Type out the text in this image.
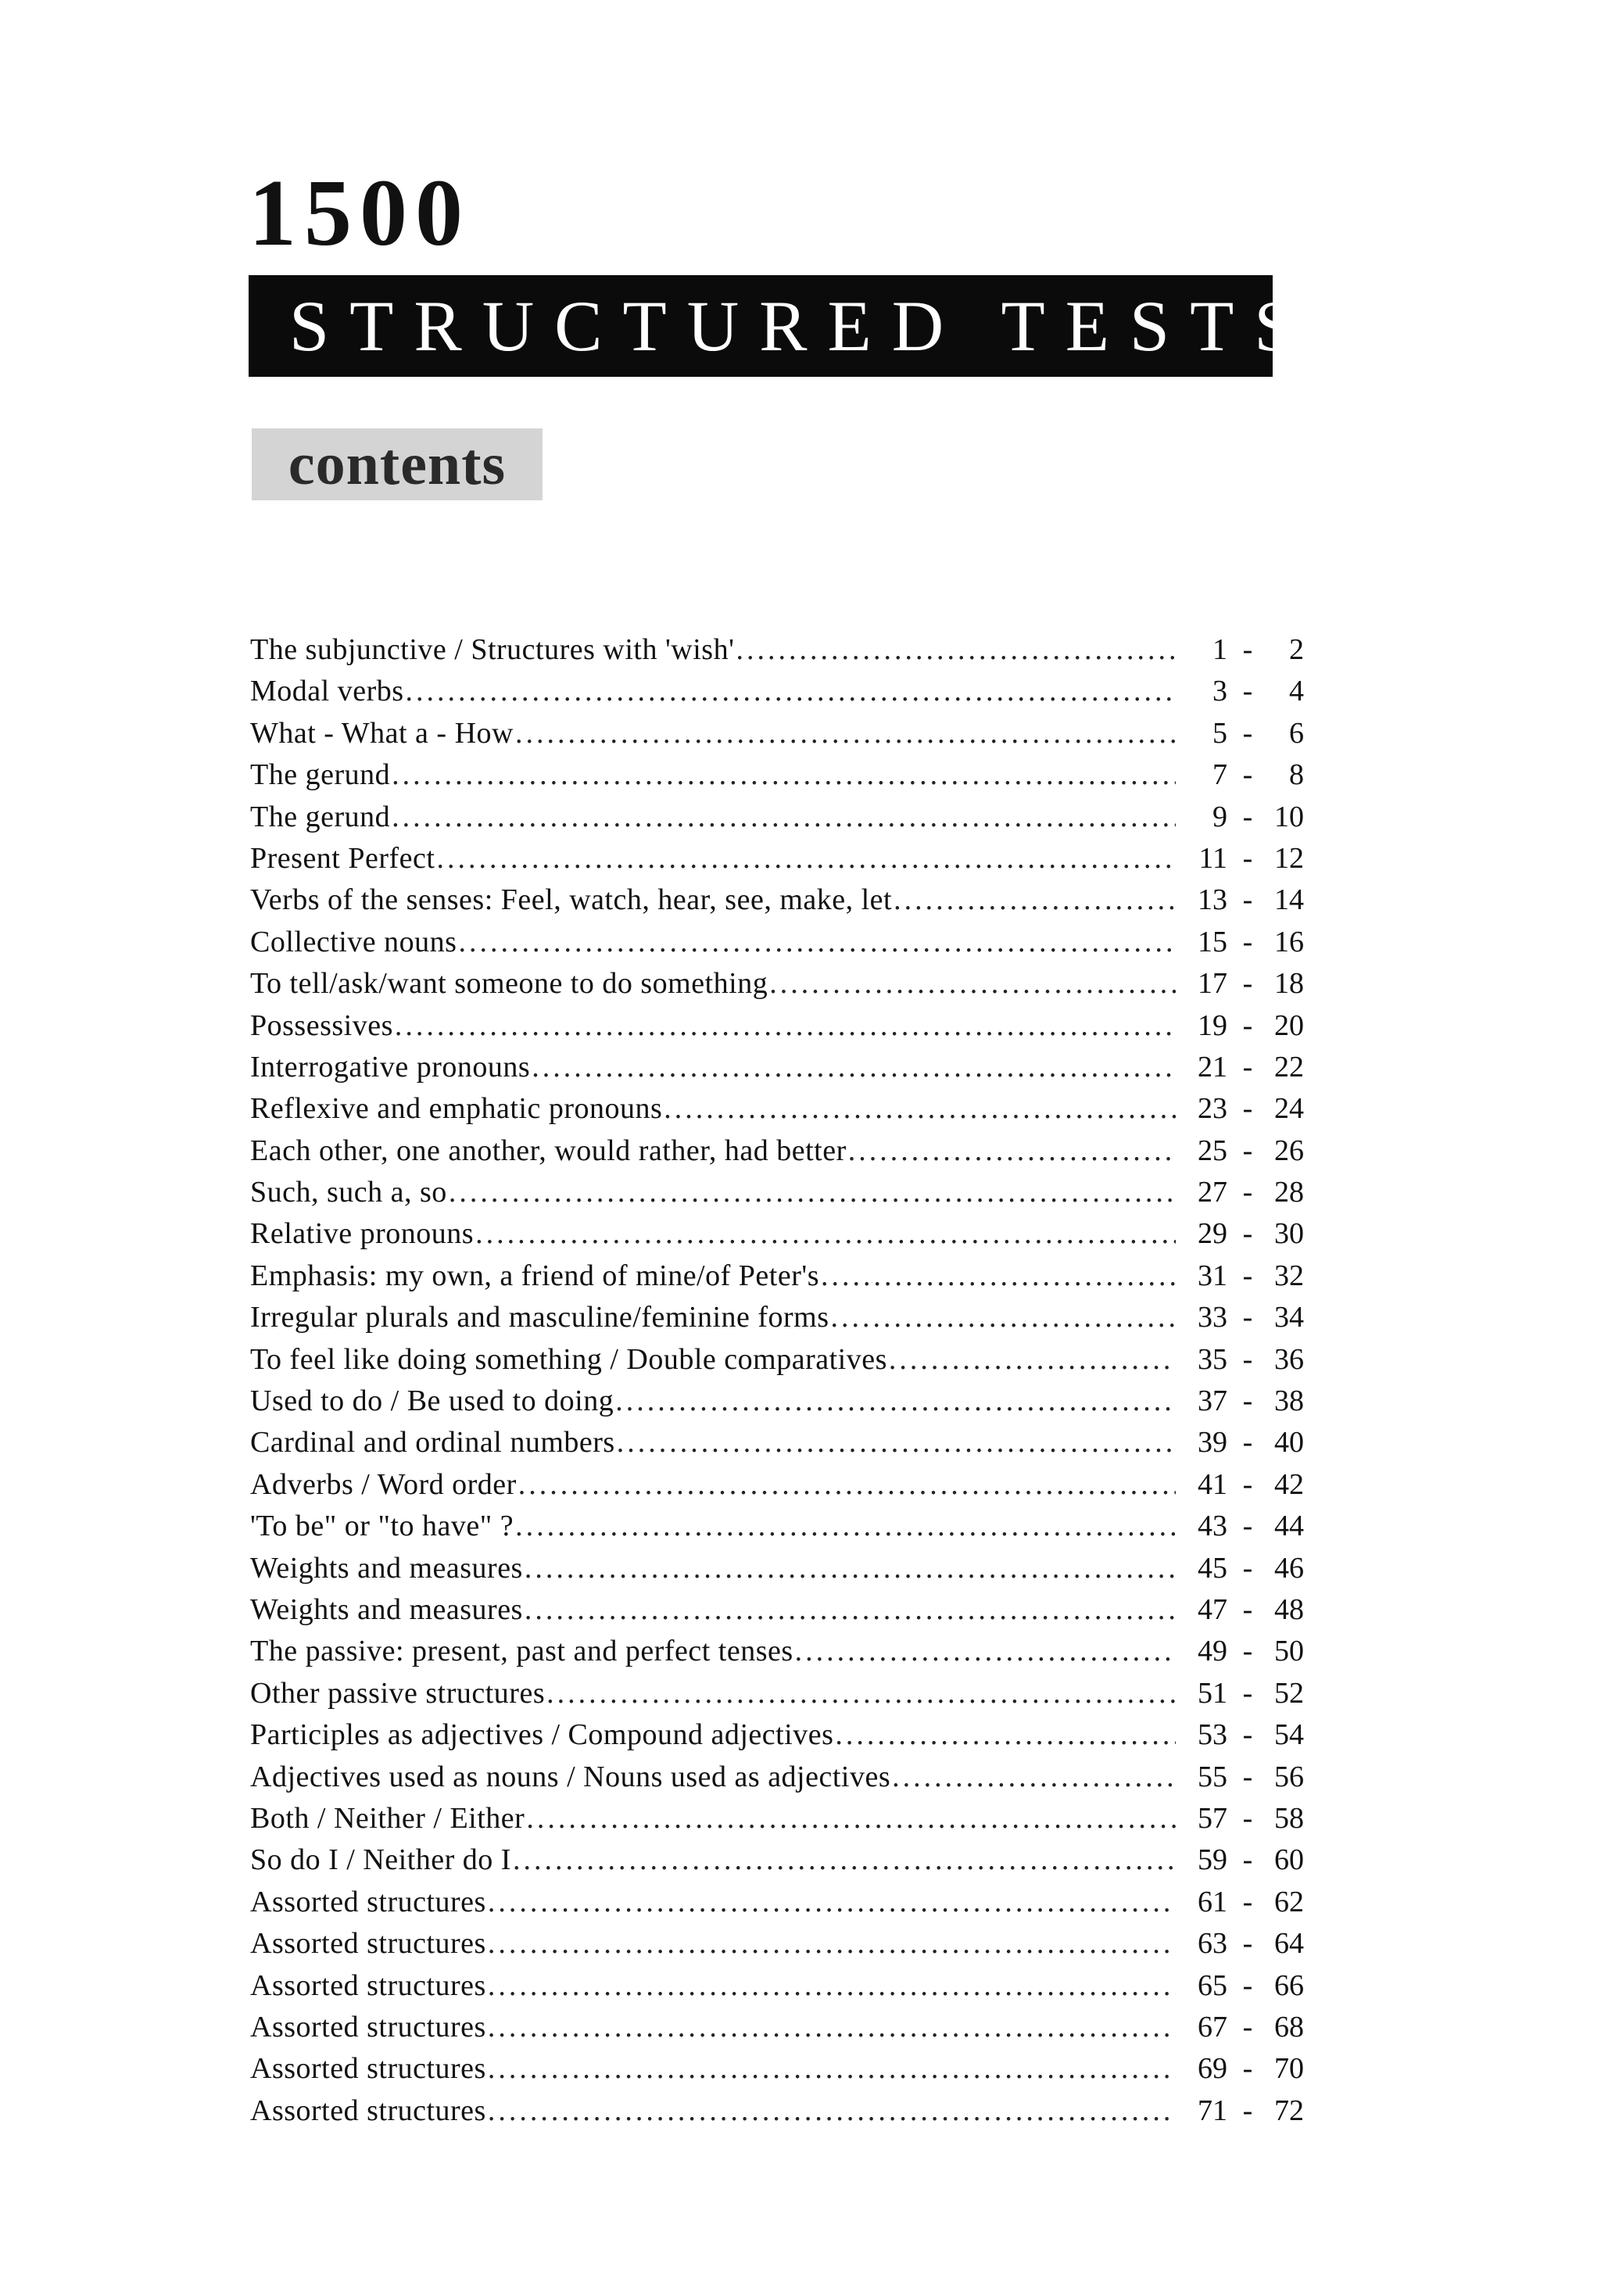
1500
STRUCTURED TESTS
contents
The subjunctive / Structures with 'wish' .....	1 -	2
Modal verbs .....	3 -	4
What - What a - How .....	5 -	6
The gerund .....	7 -	8
The gerund .....	9 - 10
Present Perfect .....	11 - 12
Verbs of the senses: Feel, watch, hear, see, make, let .....	13 - 14
Collective nouns .....	15 - 16
To tell/ask/want someone to do something .....	17 - 18
Possessives .....	19 - 20
Interrogative pronouns .....	21 - 22
Reflexive and emphatic pronouns .....	23 - 24
Each other, one another, would rather, had better .....	25 - 26
Such, such a, so .....	27 - 28
Relative pronouns .....	29 - 30
Emphasis: my own, a friend of mine/of Peter's .....	31 - 32
Irregular plurals and masculine/feminine forms .....	33 - 34
To feel like doing something / Double comparatives .....	35 - 36
Used to do / Be used to doing .....	37 - 38
Cardinal and ordinal numbers .....	39 - 40
Adverbs / Word order .....	41 - 42
'To be" or "to have" ? .....	43 - 44
Weights and measures .....	45 - 46
Weights and measures .....	47 - 48
The passive: present, past and perfect tenses .....	49 - 50
Other passive structures .....	51 - 52
Participles as adjectives / Compound adjectives .....	53 - 54
Adjectives used as nouns / Nouns used as adjectives .....	55 - 56
Both / Neither / Either .....	57 - 58
So do I / Neither do I .....	59 - 60
Assorted structures .....	61 - 62
Assorted structures .....	63 - 64
Assorted structures .....	65 - 66
Assorted structures .....	67 - 68
Assorted structures .....	69 - 70
Assorted structures .....	71 - 72
